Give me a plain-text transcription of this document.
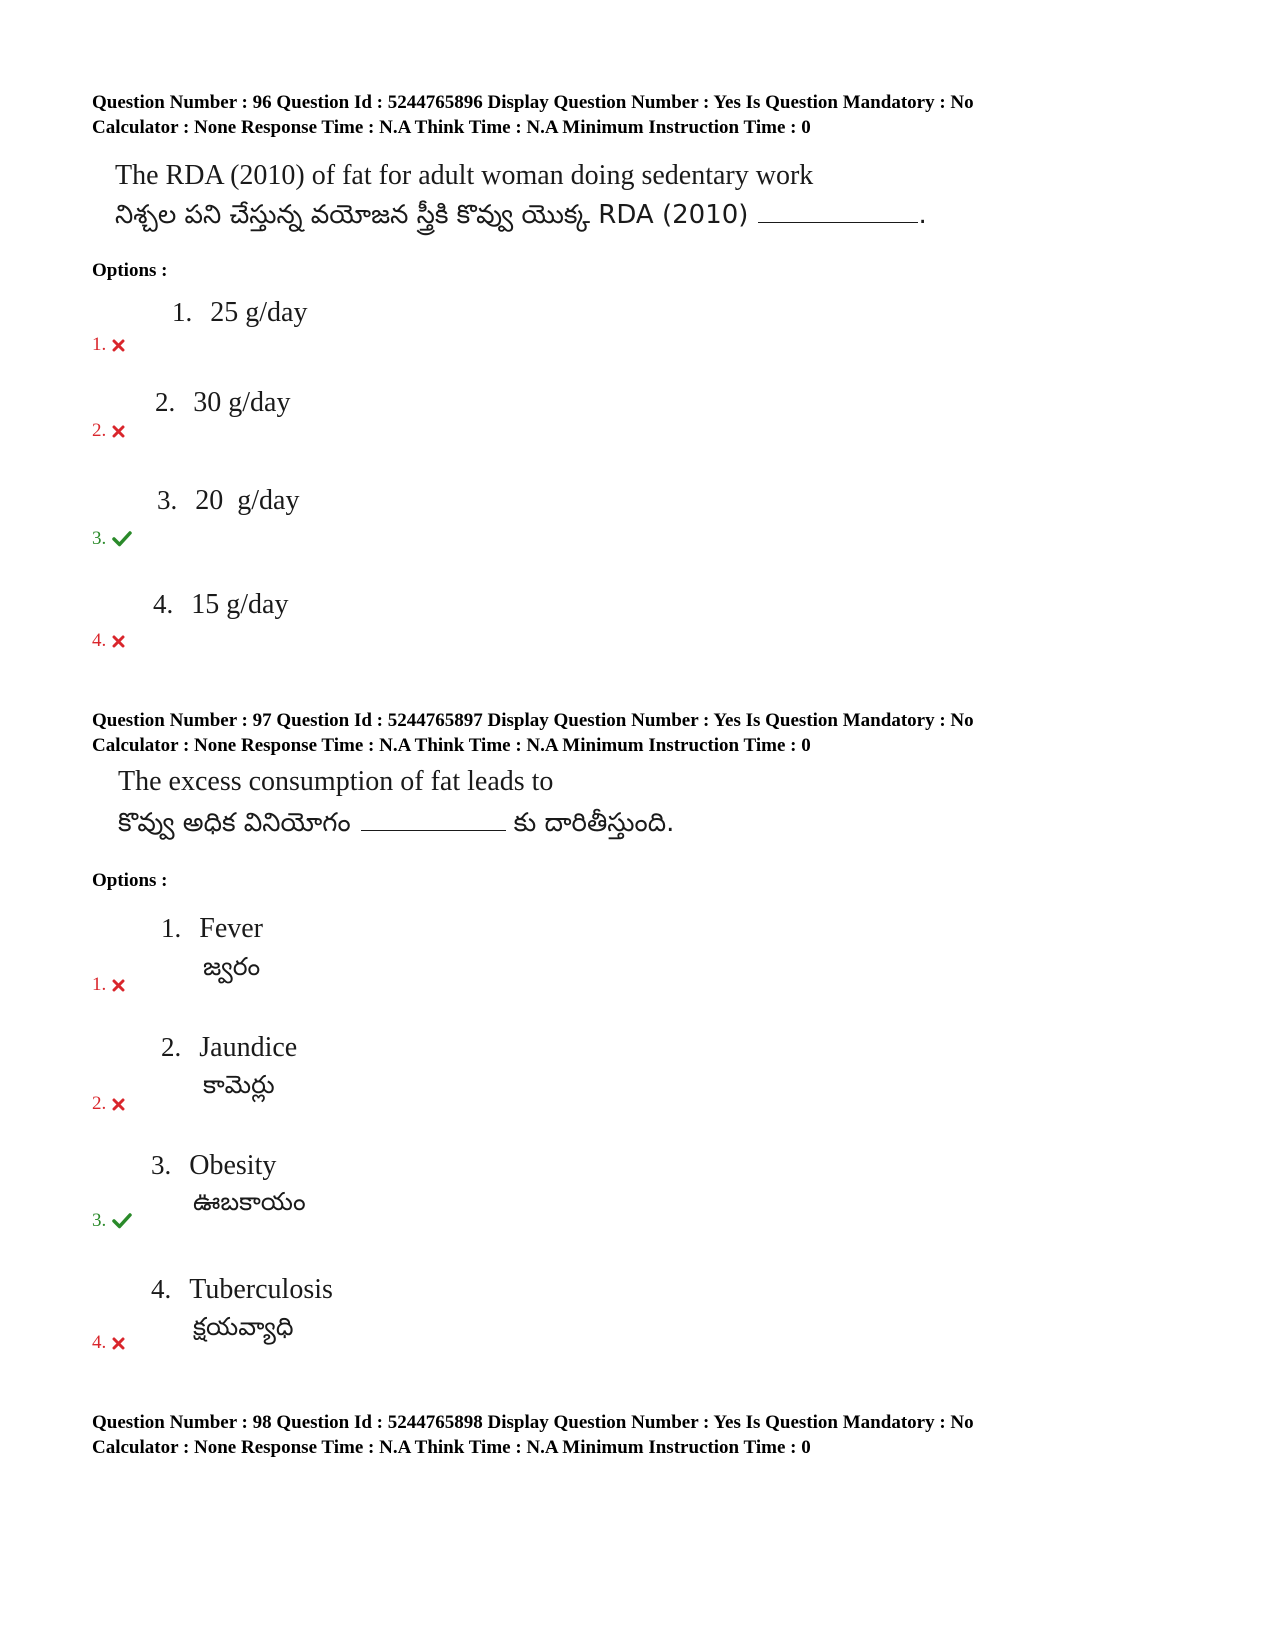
Question Number : 96 Question Id : 5244765896 Display Question Number : Yes Is Question Mandatory : No
Calculator : None Response Time : N.A Think Time : N.A Minimum Instruction Time : 0
The RDA (2010) of fat for adult woman doing sedentary work
నిశ్చల పని చేస్తున్న వయోజన స్త్రీకి కొవ్వు యొక్క RDA (2010)	.
Options :
1. 25 g/day
1.
2. 30 g/day
2.
3. 20  g/day
3.
4. 15 g/day
4.
Question Number : 97 Question Id : 5244765897 Display Question Number : Yes Is Question Mandatory : No
Calculator : None Response Time : N.A Think Time : N.A Minimum Instruction Time : 0
The excess consumption of fat leads to
కొవ్వు అధిక వినియోగం	కు దారితీస్తుంది.
Options :
1. Fever
జ్వరం
1.
2. Jaundice
కామెర్లు
2.
3. Obesity
ఊబకాయం
3.
4. Tuberculosis
క్షయవ్యాధి
4.
Question Number : 98 Question Id : 5244765898 Display Question Number : Yes Is Question Mandatory : No
Calculator : None Response Time : N.A Think Time : N.A Minimum Instruction Time : 0
